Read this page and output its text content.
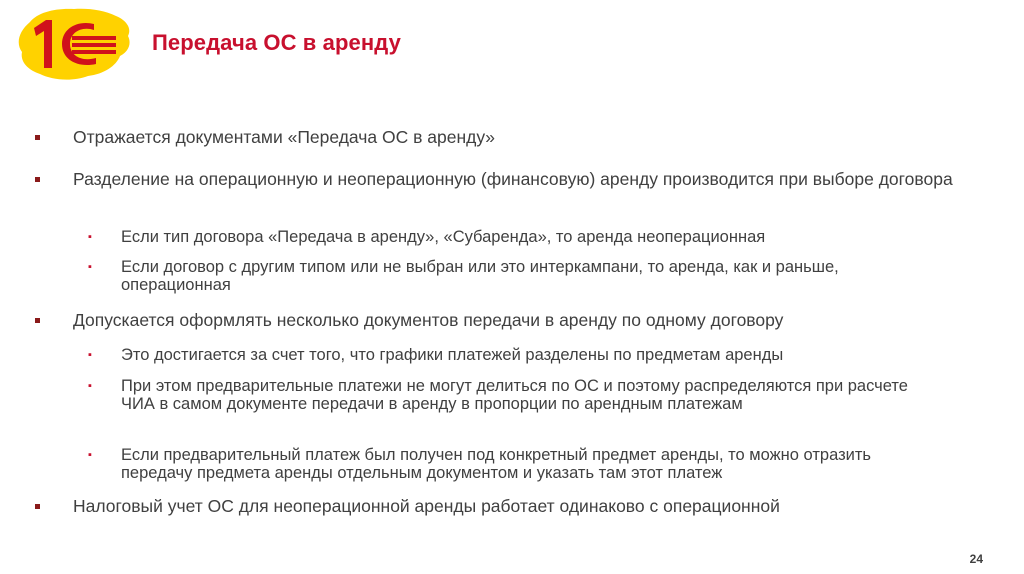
Передача ОС в аренду
Отражается документами «Передача ОС в аренду»
Разделение на операционную и неоперационную (финансовую) аренду производится при выборе договора
▪ Если тип договора «Передача в аренду», «Субаренда», то аренда неоперационная
▪ Если договор с другим типом или не выбран или это интеркампани, то аренда, как и раньше, операционная
Допускается оформлять несколько документов передачи в аренду по одному договору
▪ Это достигается за счет того, что графики платежей разделены по предметам аренды
▪ При этом предварительные платежи не могут делиться по ОС и поэтому распределяются при расчете ЧИА в самом документе передачи в аренду в пропорции по арендным платежам
▪ Если предварительный платеж был получен под конкретный предмет аренды, то можно отразить передачу предмета аренды отдельным документом и указать там этот платеж
Налоговый учет ОС для неоперационной аренды работает одинаково с операционной
24
